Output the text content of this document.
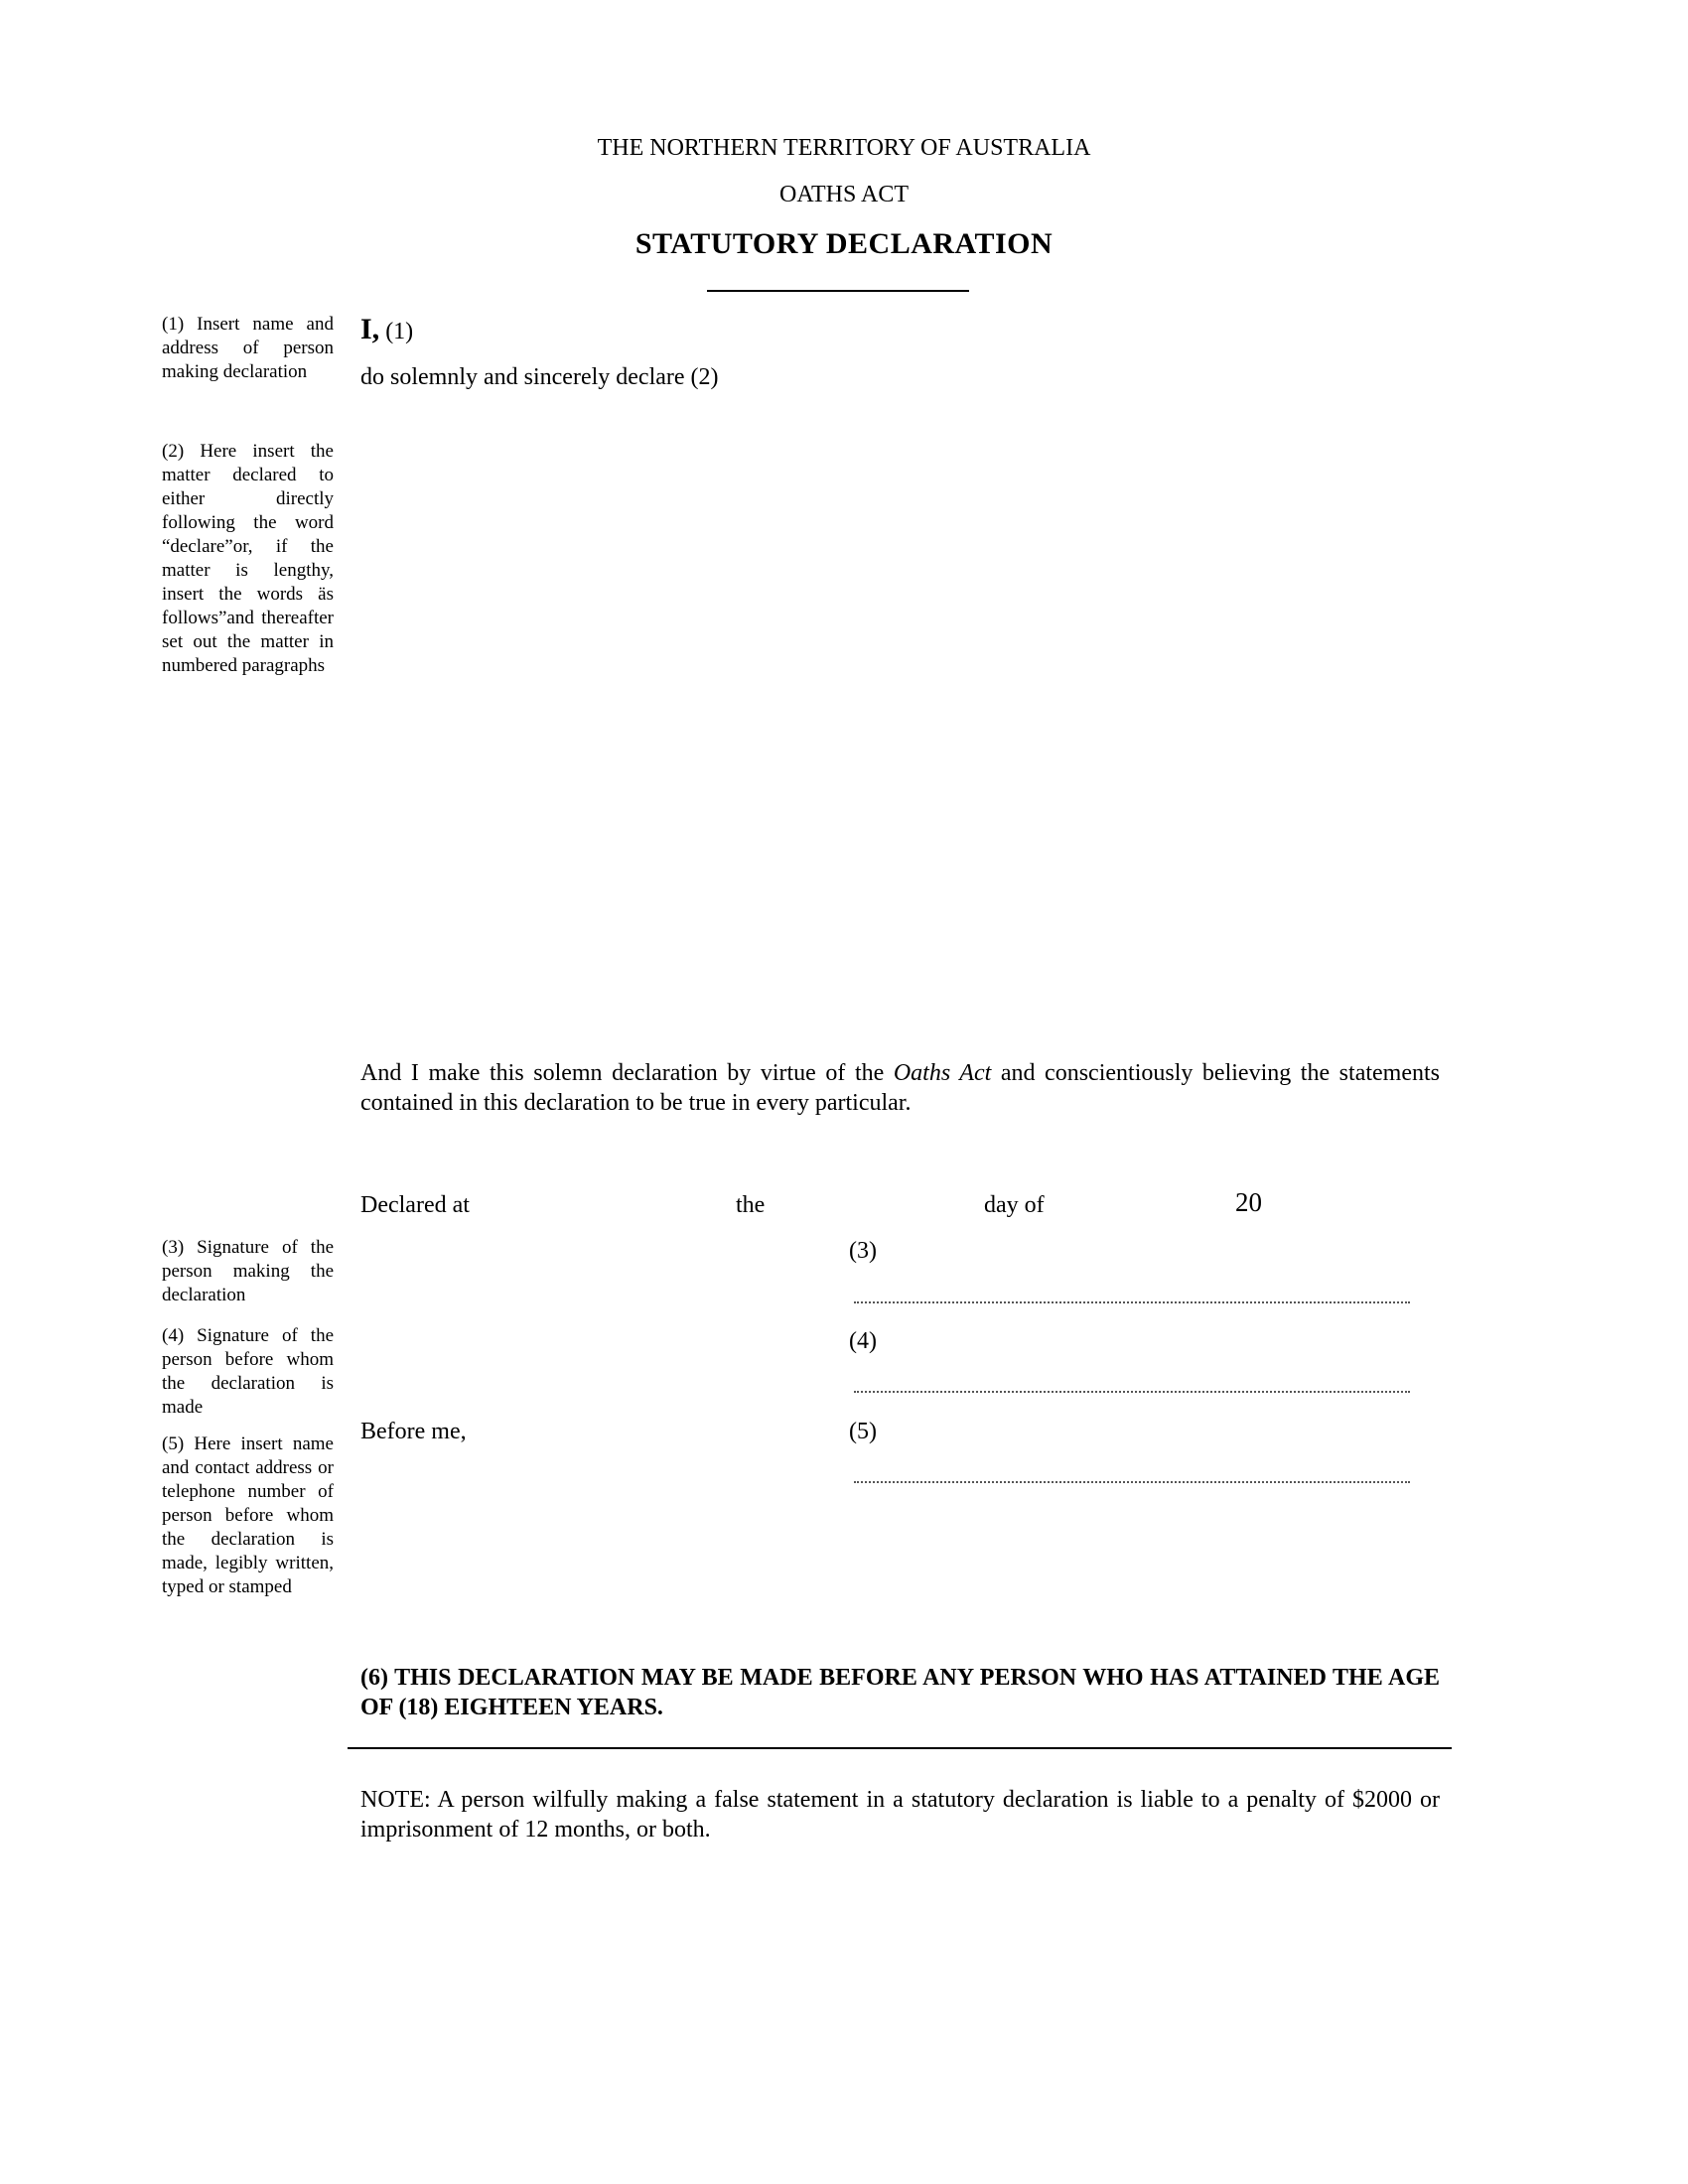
THE NORTHERN TERRITORY OF AUSTRALIA
OATHS ACT
STATUTORY DECLARATION
(1) Insert name and address of person making declaration
(2) Here insert the matter declared to either directly following the word “declare”or, if the matter is lengthy, insert the words äs follows”and thereafter set out the matter in numbered paragraphs
(3) Signature of the person making the declaration
(4) Signature of the person before whom the declaration is made
(5) Here insert name and contact address or telephone number of person before whom the declaration is made, legibly written, typed or stamped
I, (1)
do solemnly and sincerely declare (2)
And I make this solemn declaration by virtue of the Oaths Act and conscientiously believing the statements contained in this declaration to be true in every particular.
Declared at	the	day of	20
(3)
(4)
Before me,	(5)
(6) THIS DECLARATION MAY BE MADE BEFORE ANY PERSON WHO HAS ATTAINED THE AGE OF (18) EIGHTEEN YEARS.
NOTE: A person wilfully making a false statement in a statutory declaration is liable to a penalty of $2000 or imprisonment of 12 months, or both.
